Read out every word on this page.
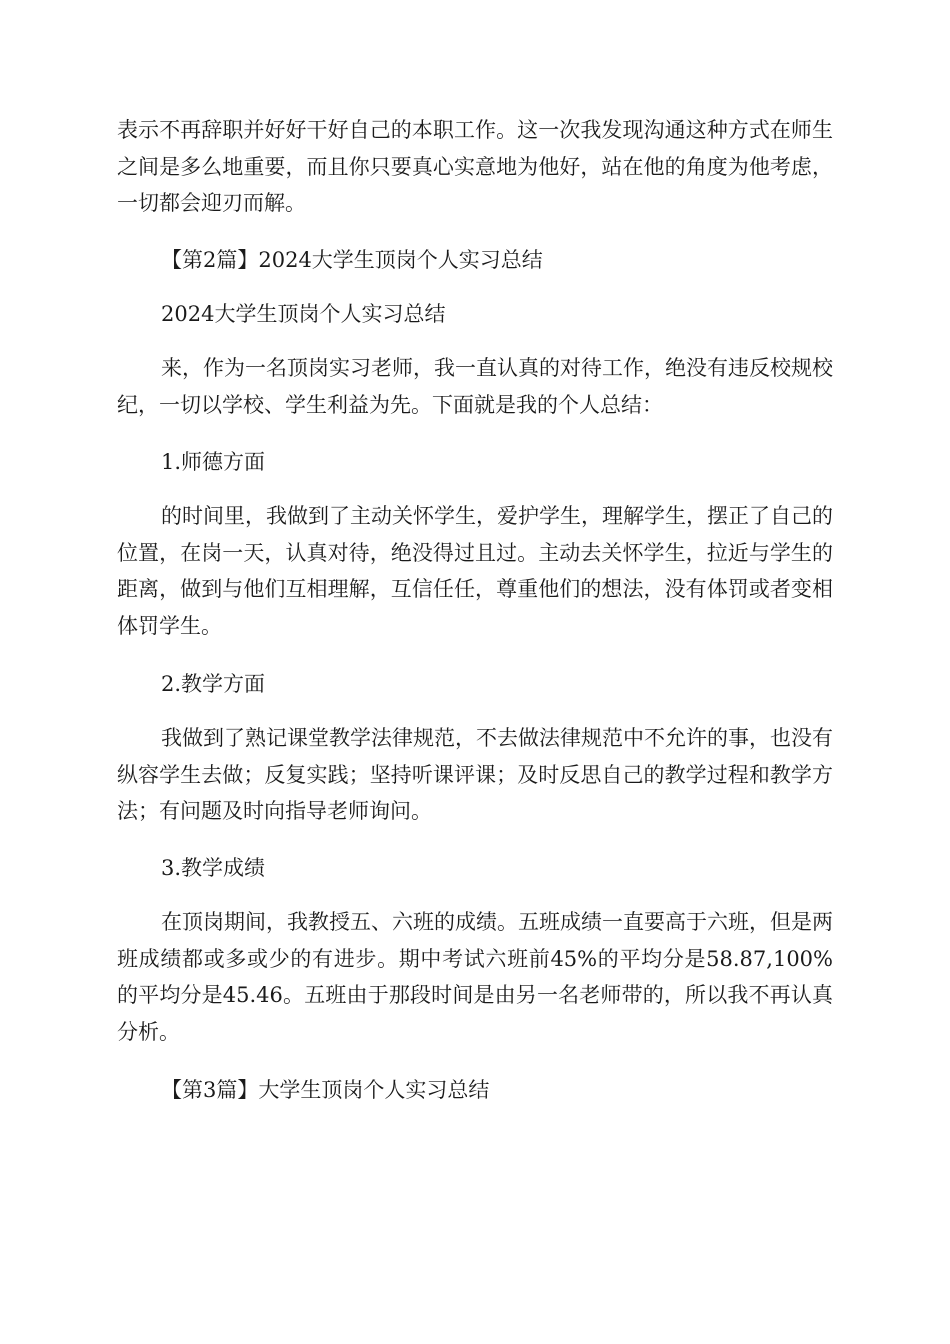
表示不再辞职并好好干好自己的本职工作。这一次我发现沟通这种方式在师生之间是多么地重要，而且你只要真心实意地为他好，站在他的角度为他考虑，一切都会迎刃而解。

【第2篇】2024大学生顶岗个人实习总结

2024大学生顶岗个人实习总结

来，作为一名顶岗实习老师，我一直认真的对待工作，绝没有违反校规校纪，一切以学校、学生利益为先。下面就是我的个人总结：

1.师德方面

的时间里，我做到了主动关怀学生，爱护学生，理解学生，摆正了自己的位置，在岗一天，认真对待，绝没得过且过。主动去关怀学生，拉近与学生的距离，做到与他们互相理解，互信任任，尊重他们的想法，没有体罚或者变相体罚学生。

2.教学方面

我做到了熟记课堂教学法律规范，不去做法律规范中不允许的事，也没有纵容学生去做；反复实践；坚持听课评课；及时反思自己的教学过程和教学方法；有问题及时向指导老师询问。

3.教学成绩

在顶岗期间，我教授五、六班的成绩。五班成绩一直要高于六班，但是两班成绩都或多或少的有进步。期中考试六班前45%的平均分是58.87,100%的平均分是45.46。五班由于那段时间是由另一名老师带的，所以我不再认真分析。

【第3篇】大学生顶岗个人实习总结
